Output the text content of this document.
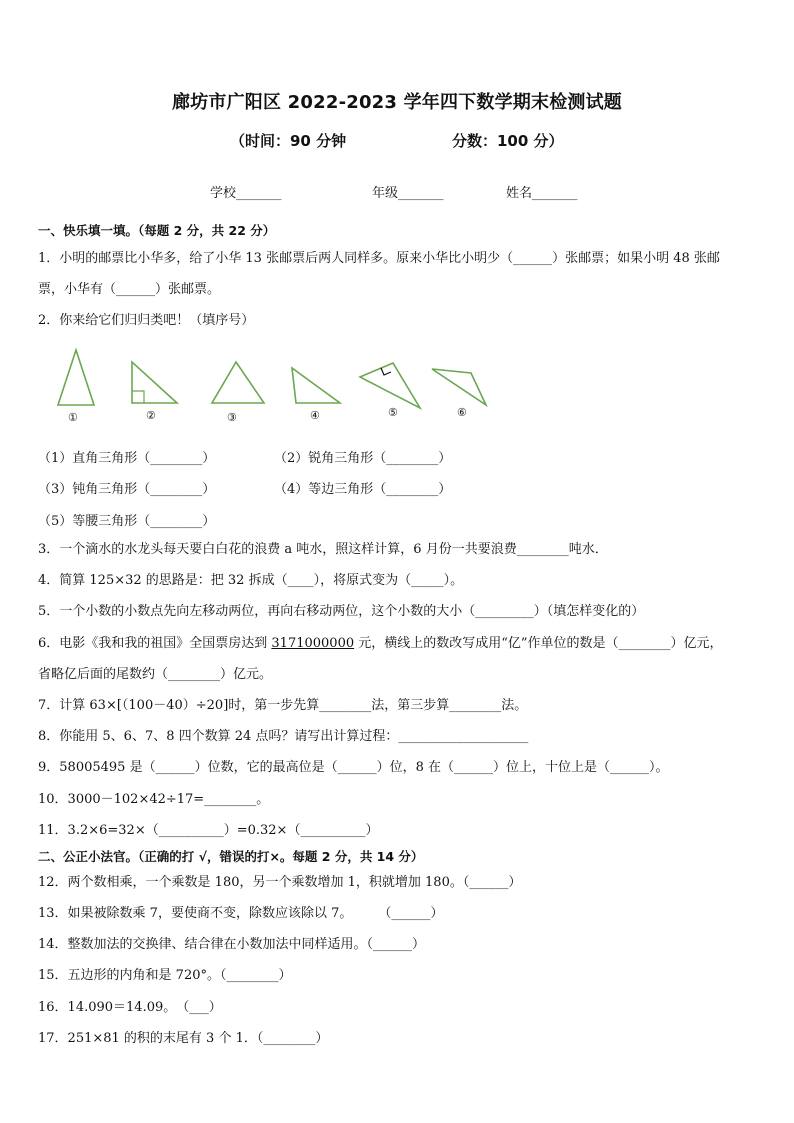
廊坊市广阳区 2022-2023 学年四下数学期末检测试题
（时间：90 分钟	分数：100 分）
学校_______	年级_______	姓名_______
一、快乐填一填。（每题 2 分，共 22 分）
1．小明的邮票比小华多，给了小华 13 张邮票后两人同样多。原来小华比小明少（______）张邮票；如果小明 48 张邮
票，小华有（______）张邮票。
2．你来给它们归归类吧！（填序号）
①	②	③	④	⑤	⑥
（1）直角三角形（________）	（2）锐角三角形（________）
（3）钝角三角形（________）	（4）等边三角形（________）
（5）等腰三角形（________）
3．一个滴水的水龙头每天要白白花的浪费 a 吨水，照这样计算，6 月份一共要浪费________吨水．
4．简算 125×32 的思路是：把 32 拆成（____），将原式变为（_____）。
5．一个小数的小数点先向左移动两位，再向右移动两位，这个小数的大小（_________）（填怎样变化的）
6．电影《我和我的祖国》全国票房达到 3171000000 元，横线上的数改写成用“亿”作单位的数是（________）亿元，
省略亿后面的尾数约（________）亿元。
7．计算 63×[（100－40）÷20]时，第一步先算________法，第三步算________法。
8．你能用 5、6、7、8 四个数算 24 点吗？请写出计算过程：____________________
9．58005495 是（______）位数，它的最高位是（______）位，8 在（______）位上，十位上是（______）。
10．3000－102×42÷17=________。
11．3.2×6=32×（__________）=0.32×（__________）
二、公正小法官。（正确的打 √，错误的打×。每题 2 分，共 14 分）
12．两个数相乘，一个乘数是 180，另一个乘数增加 1，积就增加 180。（______）
13．如果被除数乘 7，要使商不变，除数应该除以 7。　　　（______）
14．整数加法的交换律、结合律在小数加法中同样适用。（______）
15．五边形的内角和是 720°。（________）
16．14.090＝14.09。　（___）
17．251×81 的积的末尾有 3 个 1．（________）
